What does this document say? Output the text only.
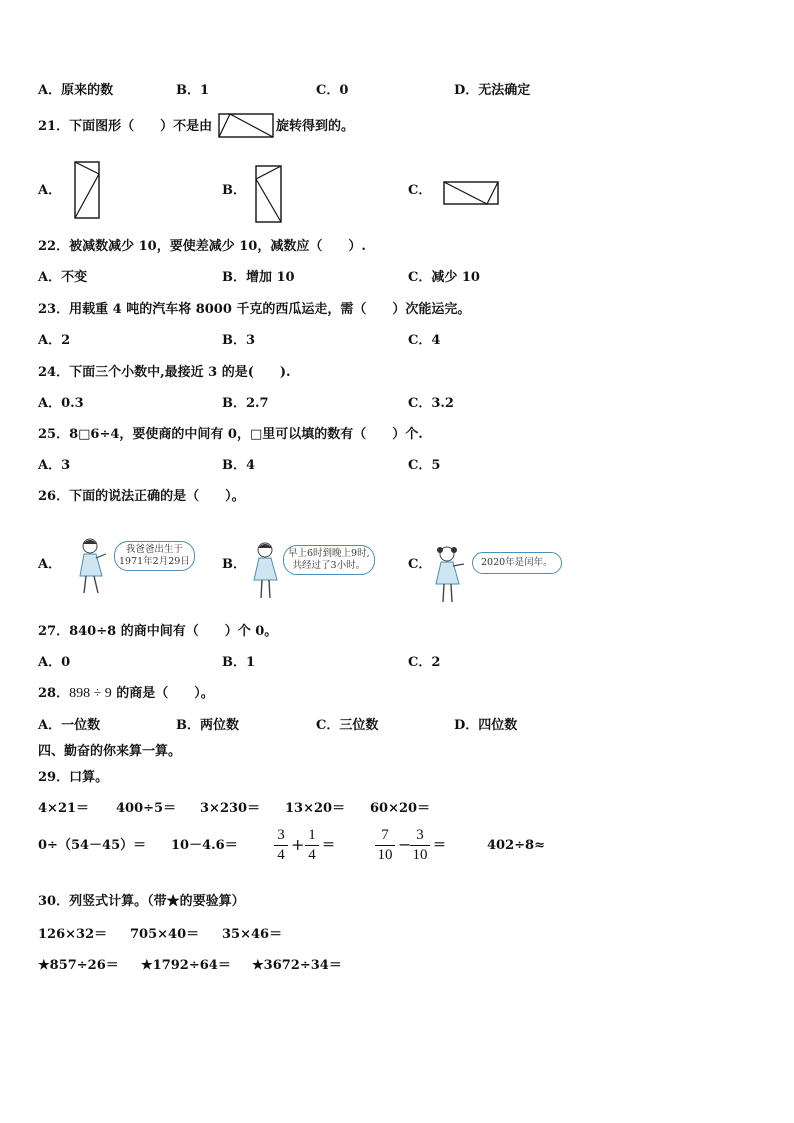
A．原来的数	B．1	C．0	D．无法确定
21．下面图形（　　）不是由	旋转得到的。
A．	B．	C．
22．被减数减少 10，要使差减少 10，减数应（　　）.
A．不变	B．增加 10	C．减少 10
23．用载重 4 吨的汽车将 8000 千克的西瓜运走，需（　　）次能运完。
A．2	B．3	C．4
24．下面三个小数中,最接近 3 的是(　　).
A．0.3	B．2.7	C．3.2
25．8□6÷4，要使商的中间有 0，□里可以填的数有（　　）个.
A．3	B．4	C．5
26．下面的说法正确的是（　　）。
A．
我爸爸出生于
1971年2月29日	B．
早上6时到晚上9时,
共经过了3小时。	C．	2020年是闰年。
27．840÷8 的商中间有（　　）个 0。
A．0	B．1	C．2
28．898 ÷ 9 的商是（　　）。
A．一位数	B．两位数	C．三位数	D．四位数
四、勤奋的你来算一算。
29．口算。
4×21＝ 400÷5＝ 3×230＝ 13×20＝ 60×20＝
0÷（54－45）＝ 10－4.6＝
3
4
+ 1
4
＝
7
10
− 3
10
＝	402÷8≈
30．列竖式计算。（带★的要验算）
126×32＝ 705×40＝ 35×46＝
★857÷26＝ ★1792÷64＝ ★3672÷34＝
